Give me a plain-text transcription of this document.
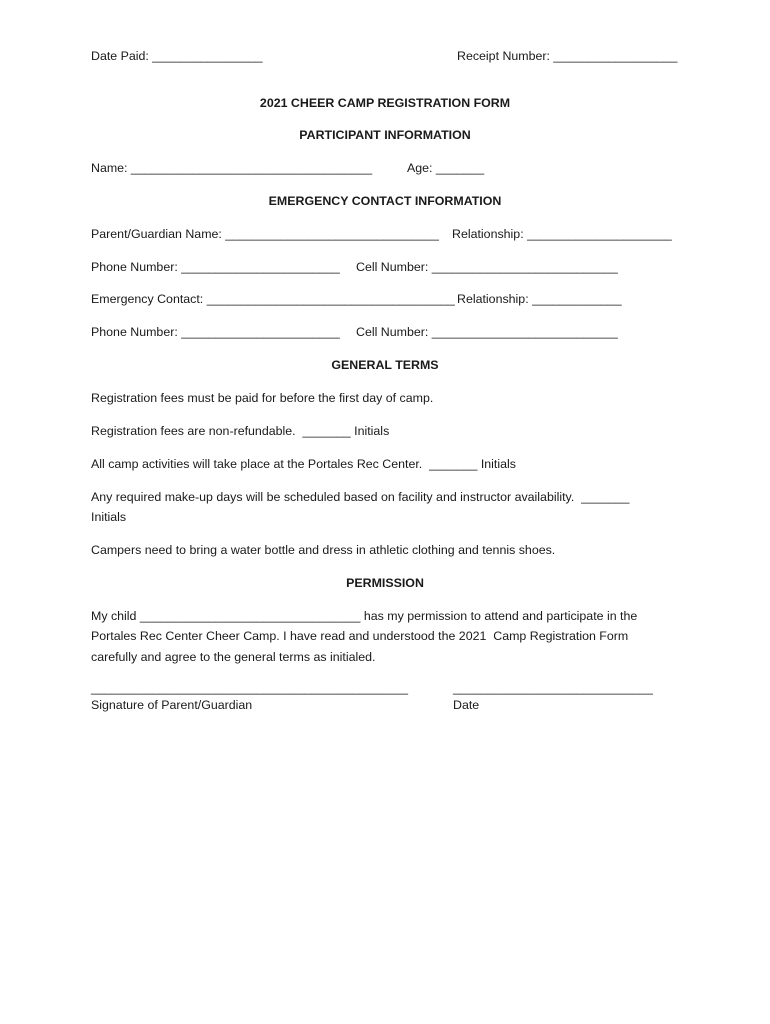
Date Paid: ________________	Receipt Number: __________________
2021 CHEER CAMP REGISTRATION FORM
PARTICIPANT INFORMATION
Name: ___________________________________	Age: _______
EMERGENCY CONTACT INFORMATION
Parent/Guardian Name: _______________________________ Relationship: _____________________
Phone Number: _______________________ Cell Number: ___________________________
Emergency Contact: ____________________________________ Relationship: _____________
Phone Number: _______________________ Cell Number: ___________________________
GENERAL TERMS
Registration fees must be paid for before the first day of camp.
Registration fees are non-refundable.  _______ Initials
All camp activities will take place at the Portales Rec Center.  _______ Initials
Any required make-up days will be scheduled based on facility and instructor availability.  _______
Initials
Campers need to bring a water bottle and dress in athletic clothing and tennis shoes.
PERMISSION
My child ________________________________ has my permission to attend and participate in the
Portales Rec Center Cheer Camp. I have read and understood the 2021  Camp Registration Form
carefully and agree to the general terms as initialed.
______________________________________________	_____________________________
Signature of Parent/Guardian	Date
